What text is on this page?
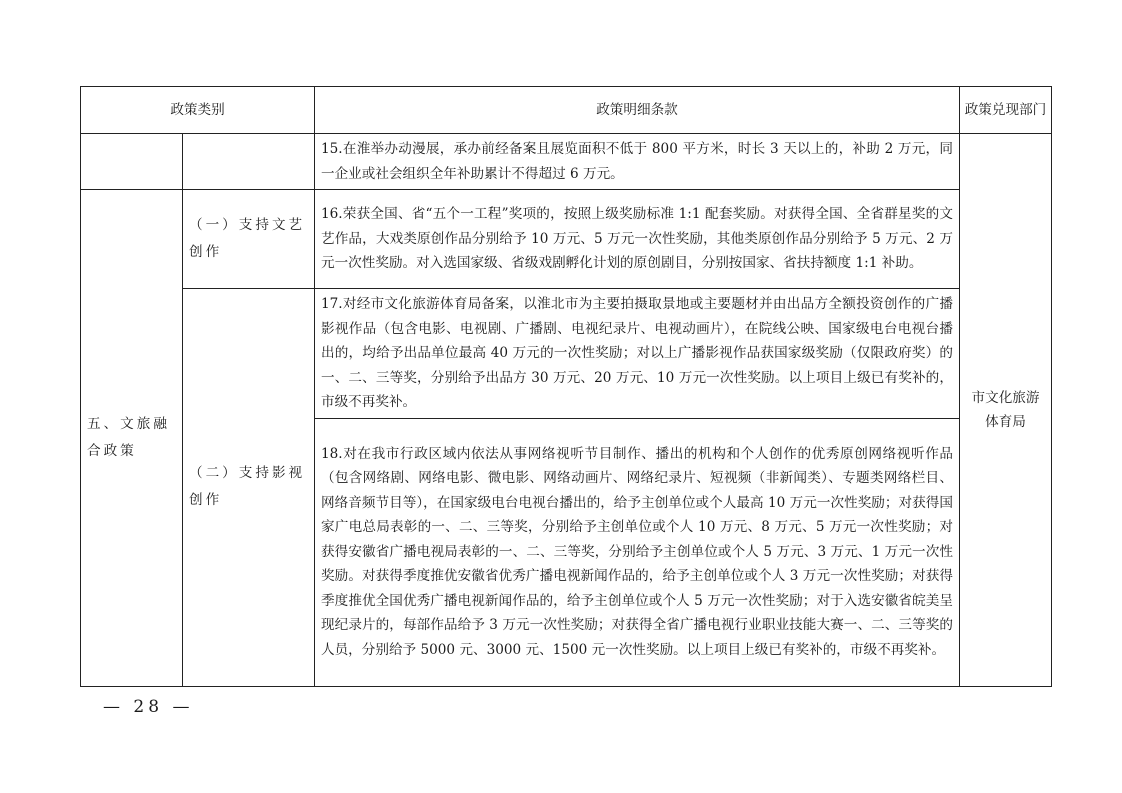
政策类别		政策明细条款	政策兑现部门
		15.在淮举办动漫展，承办前经备案且展览面积不低于 800 平方米，时长 3 天以上的，补助 2 万元，同一企业或社会组织全年补助累计不得超过 6 万元。	市文化旅游体育局
五、文旅融合政策	（一）支持文艺创作	16.荣获全国、省“五个一工程”奖项的，按照上级奖励标准 1:1 配套奖励。对获得全国、全省群星奖的文艺作品，大戏类原创作品分别给予 10 万元、5 万元一次性奖励，其他类原创作品分别给予 5 万元、2 万元一次性奖励。对入选国家级、省级戏剧孵化计划的原创剧目，分别按国家、省扶持额度 1:1 补助。	
	（二）支持影视创作	17.对经市文化旅游体育局备案，以淮北市为主要拍摄取景地或主要题材并由出品方全额投资创作的广播影视作品（包含电影、电视剧、广播剧、电视纪录片、电视动画片），在院线公映、国家级电台电视台播出的，均给予出品单位最高 40 万元的一次性奖励；对以上广播影视作品获国家级奖励（仅限政府奖）的一、二、三等奖，分别给予出品方 30 万元、20 万元、10 万元一次性奖励。以上项目上级已有奖补的，市级不再奖补。	
		18.对在我市行政区域内依法从事网络视听节目制作、播出的机构和个人创作的优秀原创网络视听作品（包含网络剧、网络电影、微电影、网络动画片、网络纪录片、短视频（非新闻类）、专题类网络栏目、网络音频节目等），在国家级电台电视台播出的，给予主创单位或个人最高 10 万元一次性奖励；对获得国家广电总局表彰的一、二、三等奖，分别给予主创单位或个人 10 万元、8 万元、5 万元一次性奖励；对获得安徽省广播电视局表彰的一、二、三等奖，分别给予主创单位或个人 5 万元、3 万元、1 万元一次性奖励。对获得季度推优安徽省优秀广播电视新闻作品的，给予主创单位或个人 3 万元一次性奖励；对获得季度推优全国优秀广播电视新闻作品的，给予主创单位或个人 5 万元一次性奖励；对于入选安徽省皖美呈现纪录片的，每部作品给予 3 万元一次性奖励；对获得全省广播电视行业职业技能大赛一、二、三等奖的人员，分别给予 5000 元、3000 元、1500 元一次性奖励。以上项目上级已有奖补的，市级不再奖补。	
— 28 —
